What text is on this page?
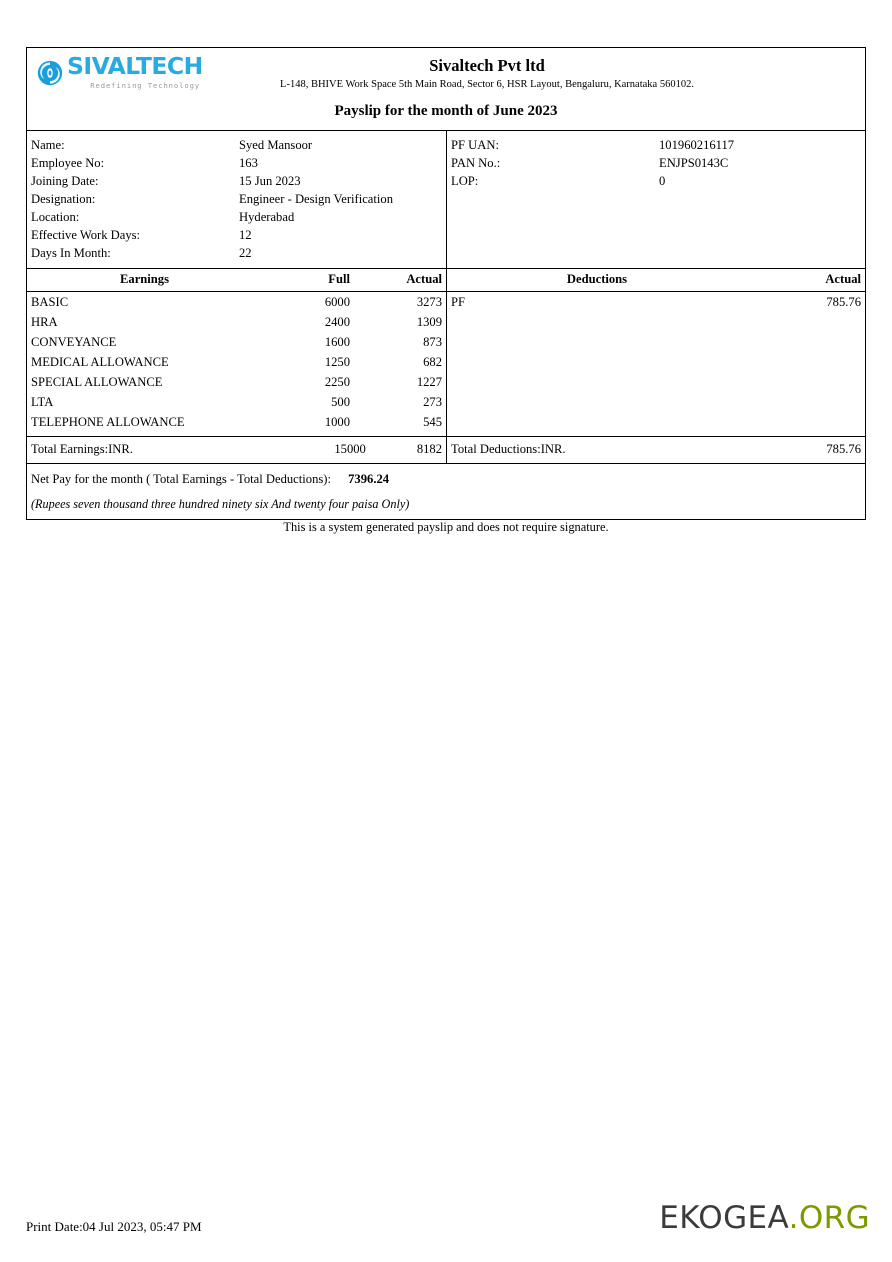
SIVALTECH
Redefining Technology
Sivaltech Pvt ltd
L-148, BHIVE Work Space 5th Main Road, Sector 6, HSR Layout, Bengaluru, Karnataka 560102.
Payslip for the month of June 2023
Name:	Syed Mansoor
Employee No:	163
Joining Date:	15 Jun 2023
Designation:	Engineer - Design Verification
Location:	Hyderabad
Effective Work Days:	12
Days In Month:	22
PF UAN:	101960216117
PAN No.:	ENJPS0143C
LOP:	0
Earnings	Full	Actual
BASIC	6000	3273
HRA	2400	1309
CONVEYANCE	1600	873
MEDICAL ALLOWANCE	1250	682
SPECIAL ALLOWANCE	2250	1227
LTA	500	273
TELEPHONE ALLOWANCE	1000	545

Deductions	Actual
PF	785.76

Total Earnings:INR.	15000	8182 Total Deductions:INR.	785.76
Net Pay for the month ( Total Earnings - Total Deductions): 7396.24
(Rupees seven thousand three hundred ninety six And twenty four paisa Only)
This is a system generated payslip and does not require signature.
Print Date:04 Jul 2023, 05:47 PM	EKOGEA.ORG
